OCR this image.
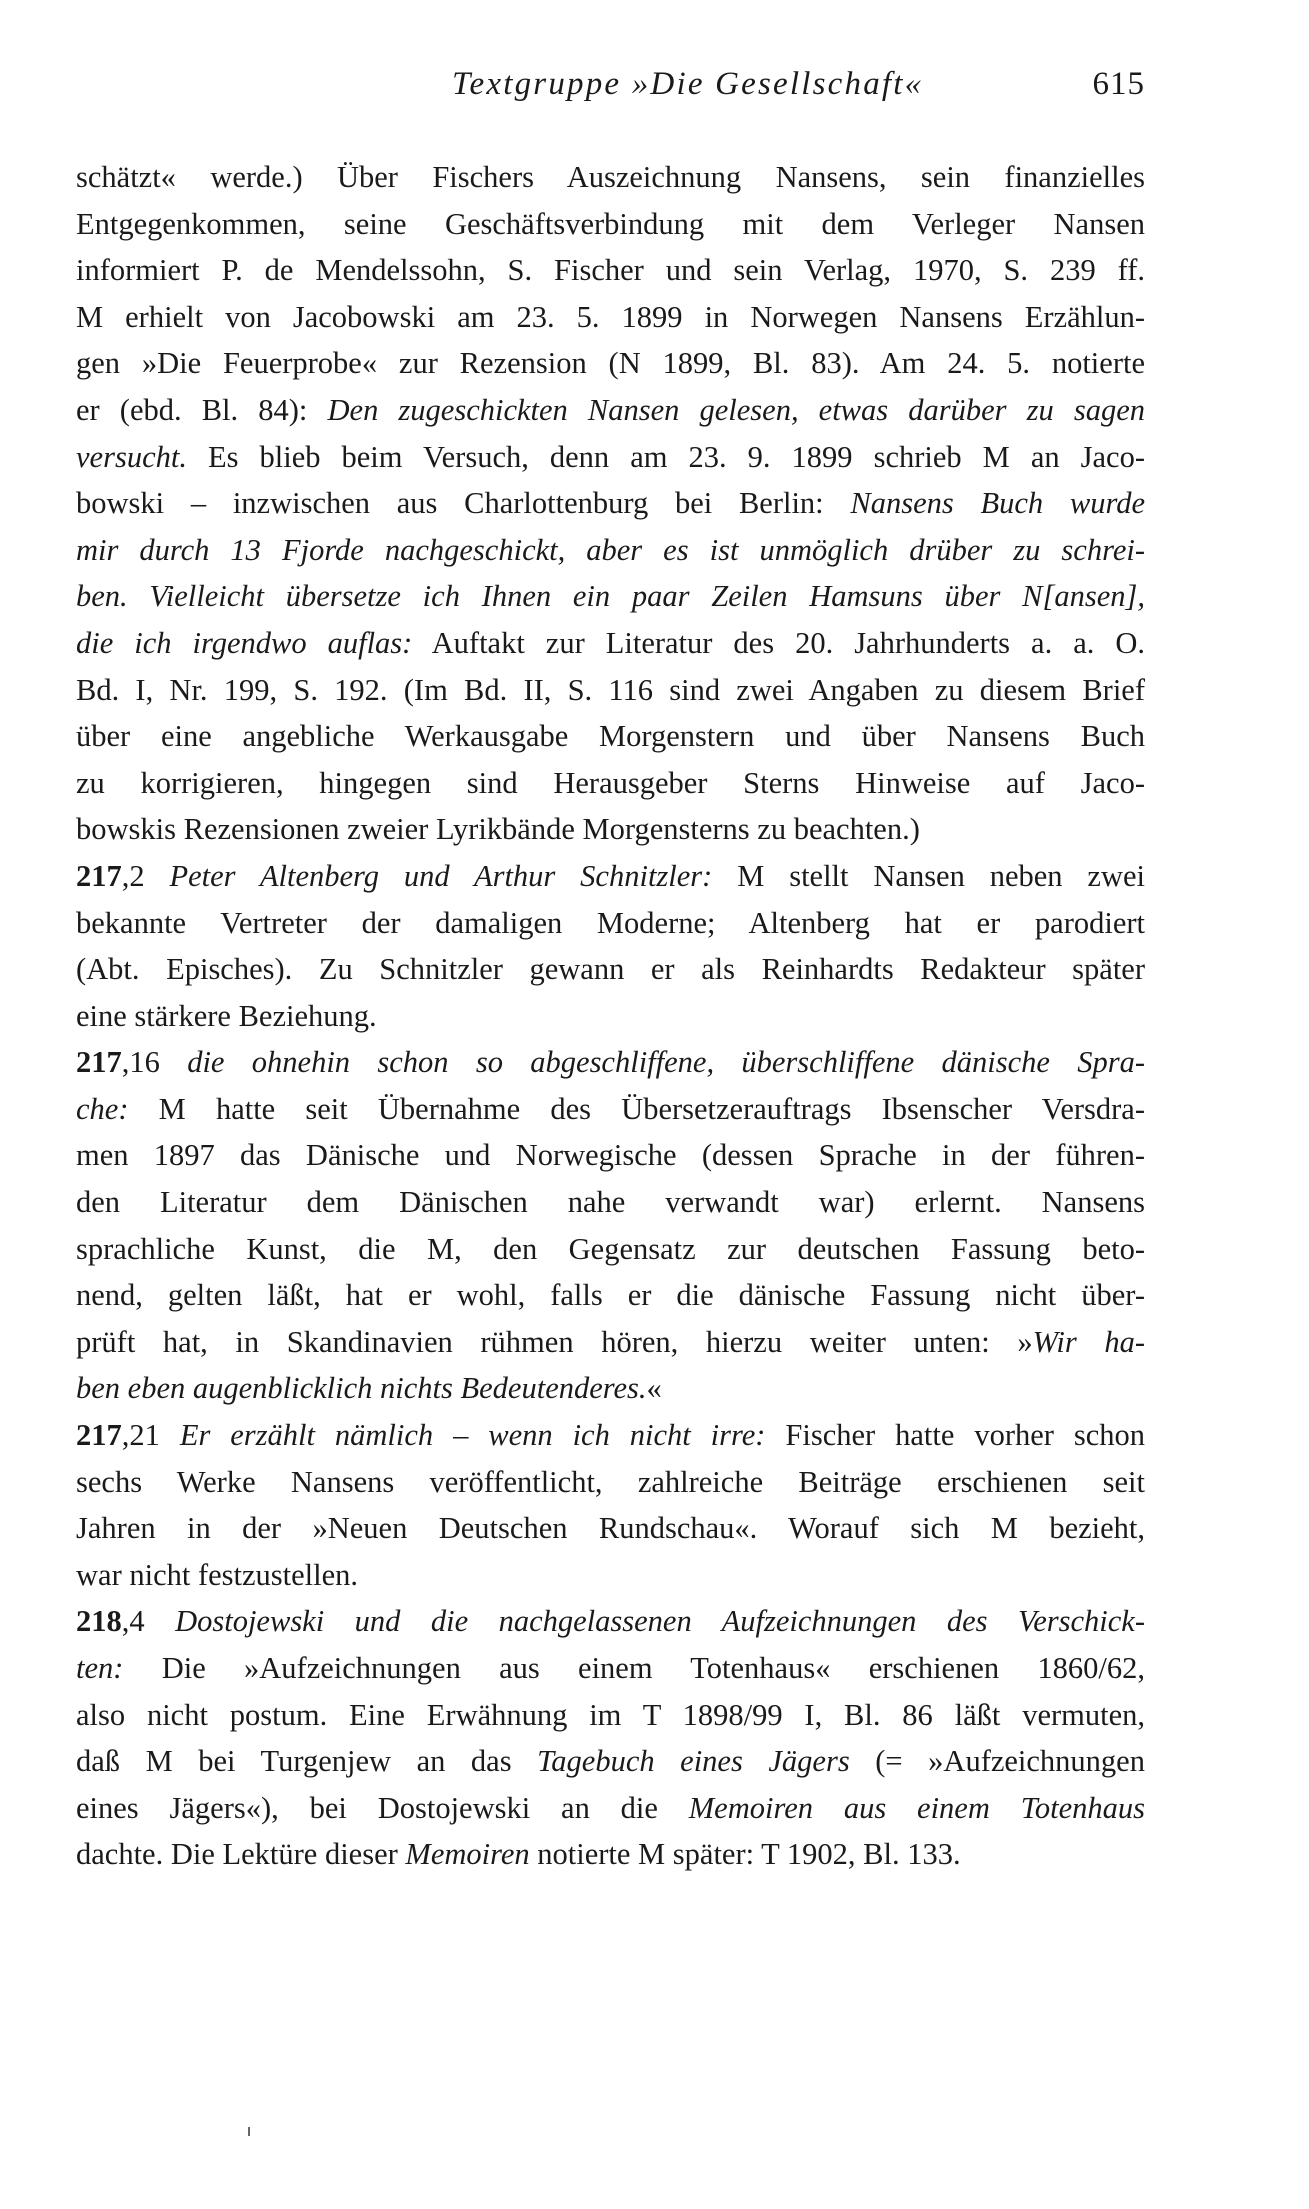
Textgruppe »Die Gesellschaft«	615
schätzt« werde.) Über Fischers Auszeichnung Nansens, sein finanzielles
Entgegenkommen, seine Geschäftsverbindung mit dem Verleger Nansen
informiert P. de Mendelssohn, S. Fischer und sein Verlag, 1970, S. 239 ff.
M erhielt von Jacobowski am 23. 5. 1899 in Norwegen Nansens Erzählun-
gen »Die Feuerprobe« zur Rezension (N 1899, Bl. 83). Am 24. 5. notierte
er (ebd. Bl. 84): Den zugeschickten Nansen gelesen, etwas darüber zu sagen
versucht. Es blieb beim Versuch, denn am 23. 9. 1899 schrieb M an Jaco-
bowski – inzwischen aus Charlottenburg bei Berlin: Nansens Buch wurde
mir durch 13 Fjorde nachgeschickt, aber es ist unmöglich drüber zu schrei-
ben. Vielleicht übersetze ich Ihnen ein paar Zeilen Hamsuns über N[ansen],
die ich irgendwo auflas: Auftakt zur Literatur des 20. Jahrhunderts a. a. O.
Bd. I, Nr. 199, S. 192. (Im Bd. II, S. 116 sind zwei Angaben zu diesem Brief
über eine angebliche Werkausgabe Morgenstern und über Nansens Buch
zu korrigieren, hingegen sind Herausgeber Sterns Hinweise auf Jaco-
bowskis Rezensionen zweier Lyrikbände Morgensterns zu beachten.)
217,2 Peter Altenberg und Arthur Schnitzler: M stellt Nansen neben zwei
bekannte Vertreter der damaligen Moderne; Altenberg hat er parodiert
(Abt. Episches). Zu Schnitzler gewann er als Reinhardts Redakteur später
eine stärkere Beziehung.
217,16 die ohnehin schon so abgeschliffene, überschliffene dänische Spra-
che: M hatte seit Übernahme des Übersetzerauftrags Ibsenscher Versdra-
men 1897 das Dänische und Norwegische (dessen Sprache in der führen-
den Literatur dem Dänischen nahe verwandt war) erlernt. Nansens
sprachliche Kunst, die M, den Gegensatz zur deutschen Fassung beto-
nend, gelten läßt, hat er wohl, falls er die dänische Fassung nicht über-
prüft hat, in Skandinavien rühmen hören, hierzu weiter unten: »Wir ha-
ben eben augenblicklich nichts Bedeutenderes.«
217,21 Er erzählt nämlich – wenn ich nicht irre: Fischer hatte vorher schon
sechs Werke Nansens veröffentlicht, zahlreiche Beiträge erschienen seit
Jahren in der »Neuen Deutschen Rundschau«. Worauf sich M bezieht,
war nicht festzustellen.
218,4 Dostojewski und die nachgelassenen Aufzeichnungen des Verschick-
ten: Die »Aufzeichnungen aus einem Totenhaus« erschienen 1860/62,
also nicht postum. Eine Erwähnung im T 1898/99 I, Bl. 86 läßt vermuten,
daß M bei Turgenjew an das Tagebuch eines Jägers (= »Aufzeichnungen
eines Jägers«), bei Dostojewski an die Memoiren aus einem Totenhaus
dachte. Die Lektüre dieser Memoiren notierte M später: T 1902, Bl. 133.
